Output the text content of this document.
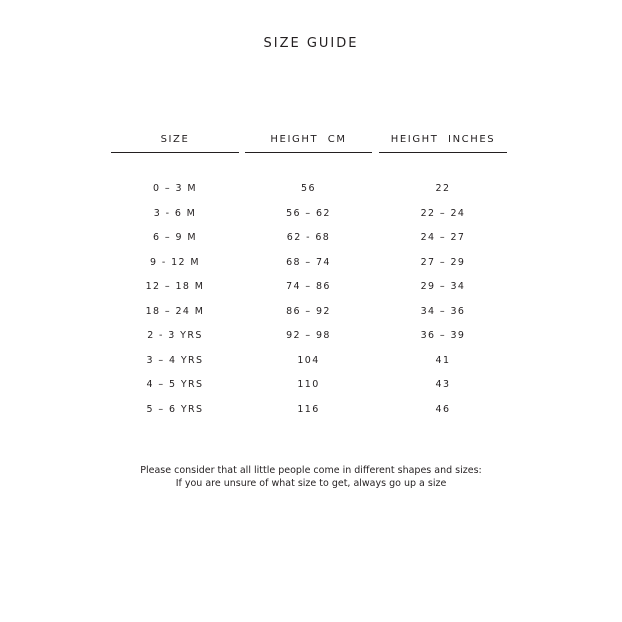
SIZE GUIDE
SIZE	HEIGHT  CM	HEIGHT  INCHES
0 – 3 M	56	22
3 - 6 M	56 – 62	22 – 24
6 – 9 M	62 - 68	24 – 27
9 - 12 M	68 – 74	27 – 29
12 – 18 M	74 – 86	29 – 34
18 – 24 M	86 – 92	34 – 36
2 - 3 YRS	92 – 98	36 – 39
3 – 4 YRS	104	41
4 – 5 YRS	110	43
5 – 6 YRS	116	46
Please consider that all little people come in different shapes and sizes:
If you are unsure of what size to get, always go up a size
